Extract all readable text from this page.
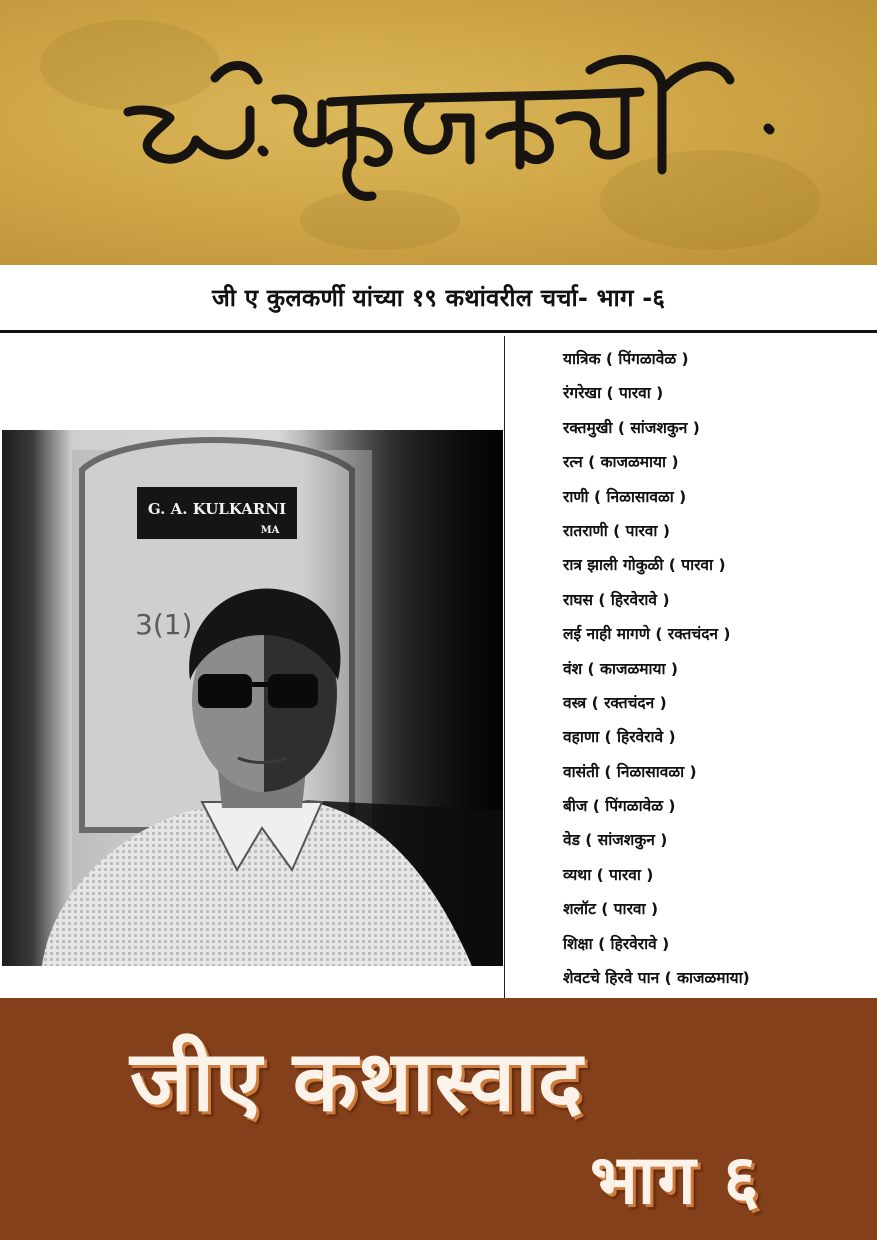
जी ए कुलकर्णी यांच्या १९ कथांवरील चर्चा- भाग -६
G. A. KULKARNI
MA
3(1)
यात्रिक ( पिंगळावेळ )
रंगरेखा ( पारवा )
रक्तमुखी ( सांजशकुन )
रत्न ( काजळमाया )
राणी ( निळासावळा )
रातराणी ( पारवा )
रात्र झाली गोकुळी ( पारवा )
राघस ( हिरवेरावे )
लई नाही मागणे ( रक्तचंदन )
वंश ( काजळमाया )
वस्त्र ( रक्तचंदन )
वहाणा ( हिरवेरावे )
वासंती ( निळासावळा )
बीज ( पिंगळावेळ )
वेड ( सांजशकुन )
व्यथा ( पारवा )
शलॉट ( पारवा )
शिक्षा ( हिरवेरावे )
शेवटचे हिरवे पान ( काजळमाया)
जीए कथास्वाद
भाग ६
